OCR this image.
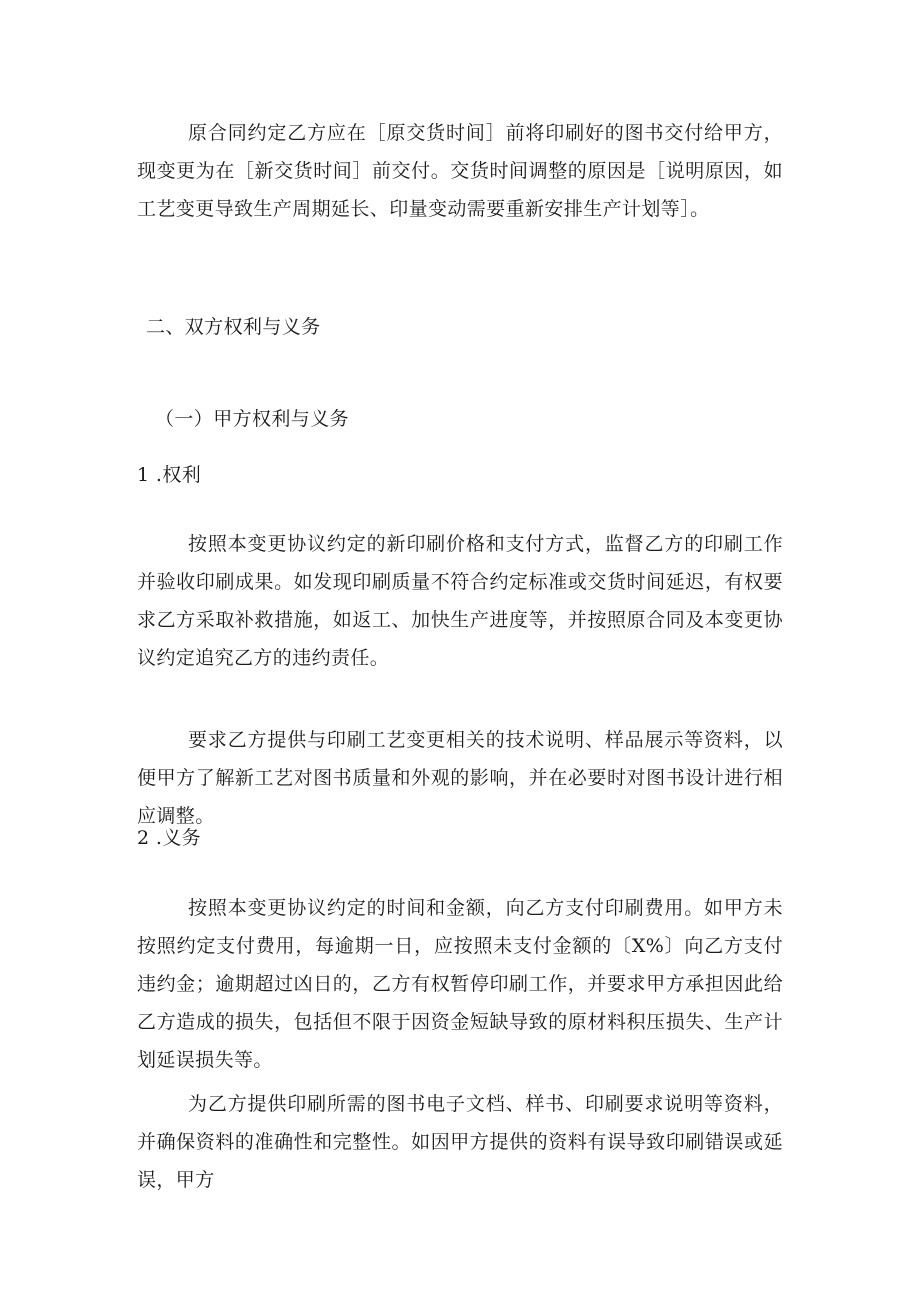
原合同约定乙方应在［原交货时间］前将印刷好的图书交付给甲方，现变更为在［新交货时间］前交付。交货时间调整的原因是［说明原因，如工艺变更导致生产周期延长、印量变动需要重新安排生产计划等］。

二、双方权利与义务

（一）甲方权利与义务

1 .权利

按照本变更协议约定的新印刷价格和支付方式，监督乙方的印刷工作并验收印刷成果。如发现印刷质量不符合约定标准或交货时间延迟，有权要求乙方采取补救措施，如返工、加快生产进度等，并按照原合同及本变更协议约定追究乙方的违约责任。

要求乙方提供与印刷工艺变更相关的技术说明、样品展示等资料，以便甲方了解新工艺对图书质量和外观的影响，并在必要时对图书设计进行相应调整。

2 .义务

按照本变更协议约定的时间和金额，向乙方支付印刷费用。如甲方未按照约定支付费用，每逾期一日，应按照未支付金额的〔X%〕向乙方支付违约金；逾期超过凶日的，乙方有权暂停印刷工作，并要求甲方承担因此给乙方造成的损失，包括但不限于因资金短缺导致的原材料积压损失、生产计划延误损失等。

为乙方提供印刷所需的图书电子文档、样书、印刷要求说明等资料，并确保资料的准确性和完整性。如因甲方提供的资料有误导致印刷错误或延误，甲方
